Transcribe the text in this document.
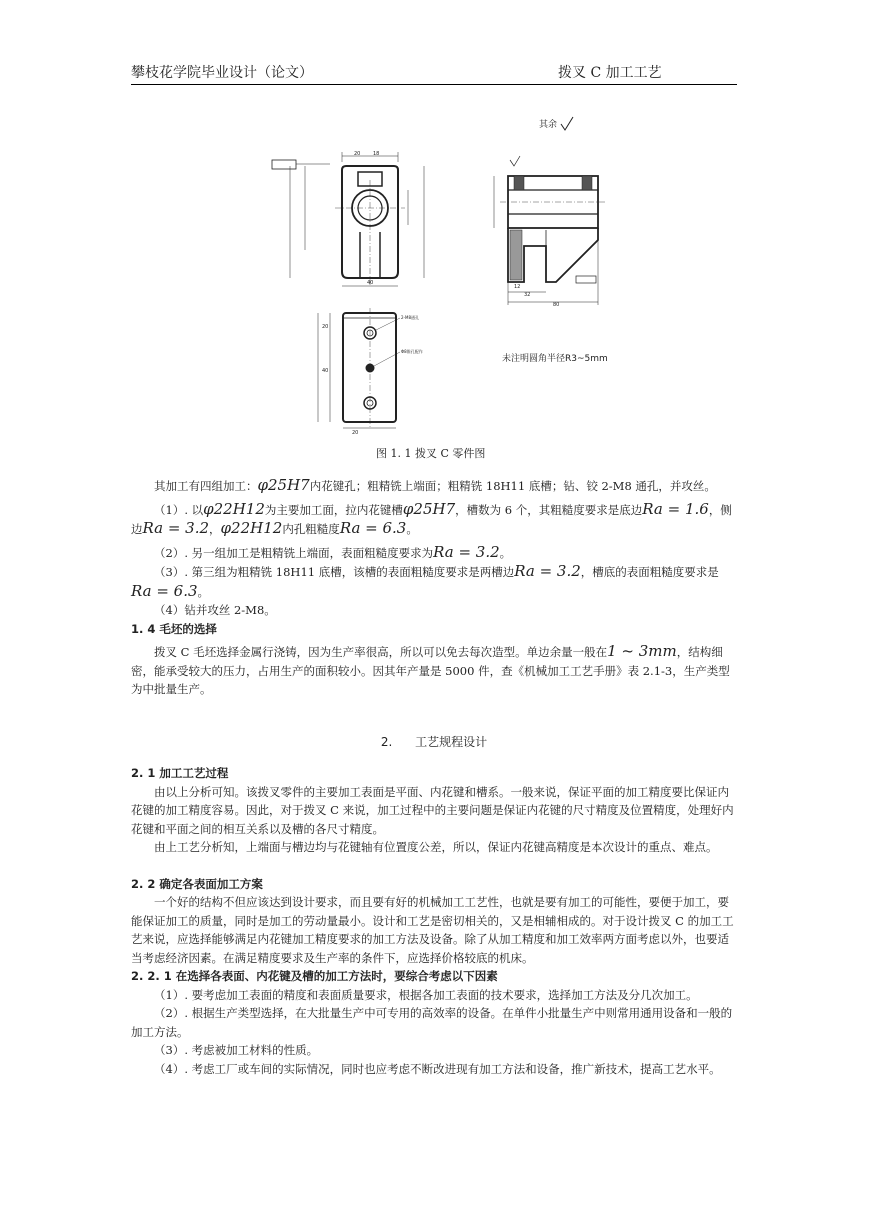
攀枝花学院毕业设计（论文）	拨叉 C 加工工艺
其余
20	18
40
80
32
12
2-M8通孔
Φ8锥孔配作
20
40
20
未注明圆角半径R3~5mm
图 1. 1 拨叉 C 零件图

其加工有四组加工：φ25H7内花键孔；粗精铣上端面；粗精铣 18H11 底槽；钻、铰 2-M8 通孔，并攻丝。

（1）. 以φ22H12为主要加工面，拉内花键槽φ25H7，槽数为 6 个，其粗糙度要求是底边Ra = 1.6，侧边Ra = 3.2，φ22H12内孔粗糙度Ra = 6.3。

（2）. 另一组加工是粗精铣上端面，表面粗糙度要求为Ra = 3.2。

（3）. 第三组为粗精铣 18H11 底槽，该槽的表面粗糙度要求是两槽边Ra = 3.2，槽底的表面粗糙度要求是Ra = 6.3。

（4）钻并攻丝 2-M8。

1. 4 毛坯的选择

拨叉 C 毛坯选择金属行浇铸，因为生产率很高，所以可以免去每次造型。单边余量一般在1 ~ 3mm，结构细密，能承受较大的压力，占用生产的面积较小。因其年产量是 5000 件，查《机械加工工艺手册》表 2.1-3，生产类型为中批量生产。

2. 工艺规程设计

2. 1 加工工艺过程

由以上分析可知。该拨叉零件的主要加工表面是平面、内花键和槽系。一般来说，保证平面的加工精度要比保证内花键的加工精度容易。因此，对于拨叉 C 来说，加工过程中的主要问题是保证内花键的尺寸精度及位置精度，处理好内花键和平面之间的相互关系以及槽的各尺寸精度。

由上工艺分析知，上端面与槽边均与花键轴有位置度公差，所以，保证内花键高精度是本次设计的重点、难点。

2. 2 确定各表面加工方案

一个好的结构不但应该达到设计要求，而且要有好的机械加工工艺性，也就是要有加工的可能性，要便于加工，要能保证加工的质量，同时是加工的劳动量最小。设计和工艺是密切相关的，又是相辅相成的。对于设计拨叉 C 的加工工艺来说，应选择能够满足内花键加工精度要求的加工方法及设备。除了从加工精度和加工效率两方面考虑以外，也要适当考虑经济因素。在满足精度要求及生产率的条件下，应选择价格较底的机床。

2. 2. 1 在选择各表面、内花键及槽的加工方法时，要综合考虑以下因素

（1）. 要考虑加工表面的精度和表面质量要求，根据各加工表面的技术要求，选择加工方法及分几次加工。

（2）. 根据生产类型选择，在大批量生产中可专用的高效率的设备。在单件小批量生产中则常用通用设备和一般的加工方法。

（3）. 考虑被加工材料的性质。

（4）. 考虑工厂或车间的实际情况，同时也应考虑不断改进现有加工方法和设备，推广新技术，提高工艺水平。
